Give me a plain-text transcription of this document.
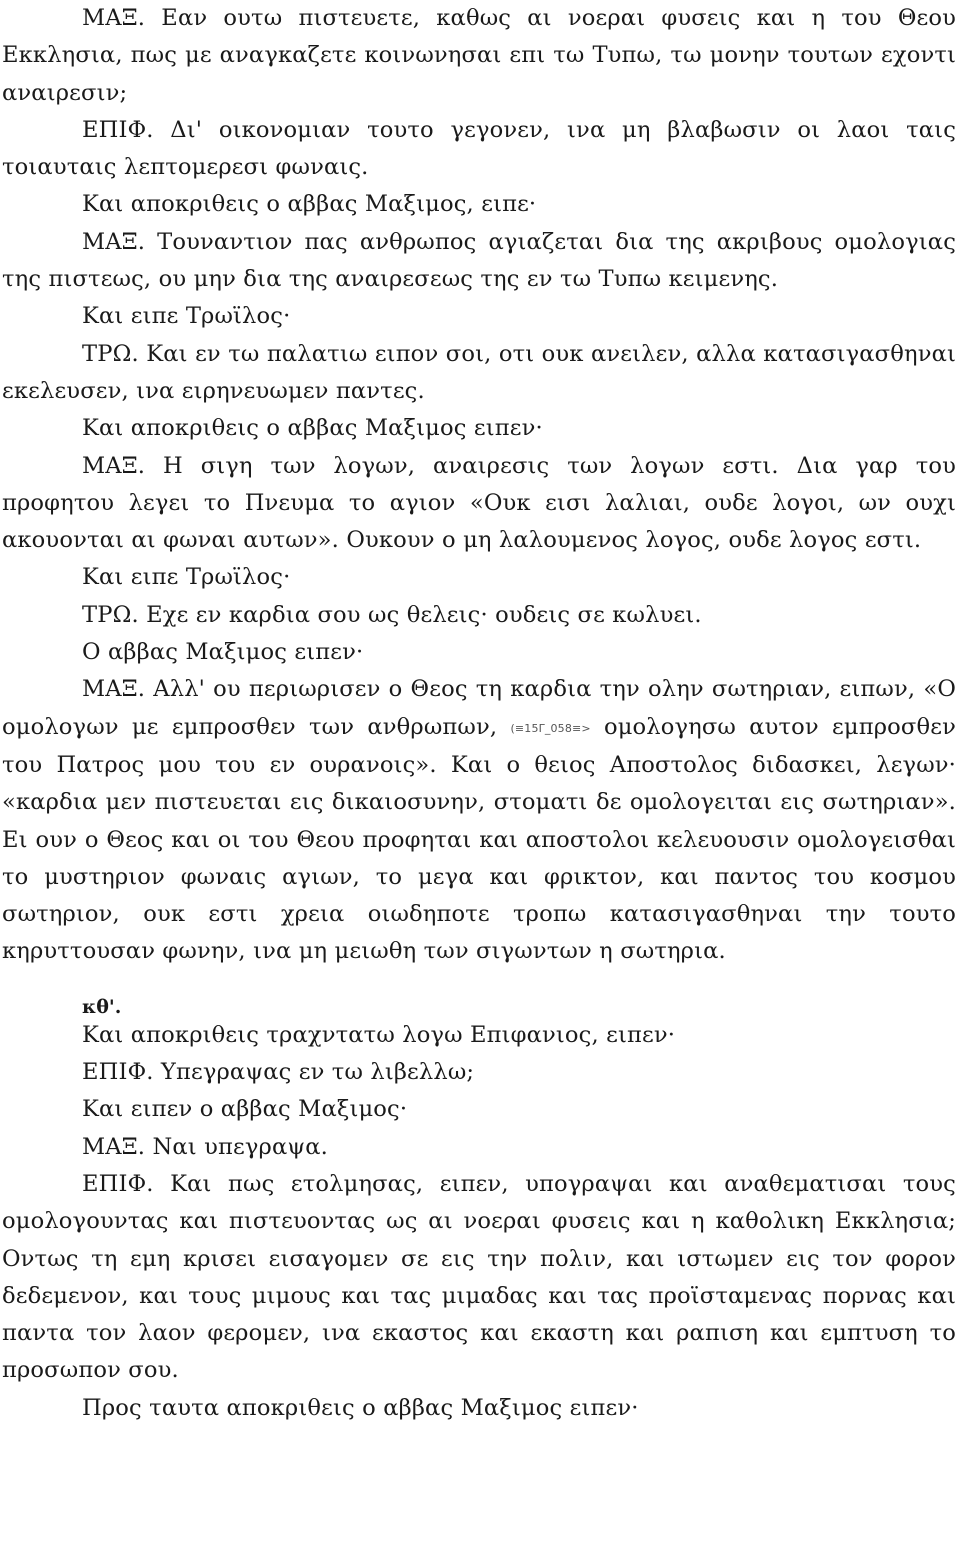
ΜΑΞ. Εαν ουτω πιστευετε, καθως αι νοεραι φυσεις και η του Θεου Εκκλησια, πως με αναγκαζετε κοινωνησαι επι τω Τυπω, τω μονην τουτων εχοντι αναιρεσιν;

ΕΠΙΦ. Δι' οικονομιαν τουτο γεγονεν, ινα μη βλαβωσιν οι λαοι ταις τοιαυταις λεπτομερεσι φωναις.

Και αποκριθεις ο αββας Μαξιμος, ειπε·

ΜΑΞ. Τουναντιον πας ανθρωπος αγιαζεται δια της ακριβους ομολογιας της πιστεως, ου μην δια της αναιρεσεως της εν τω Τυπω κειμενης.

Και ειπε Τρωϊλος·

ΤΡΩ. Και εν τω παλατιω ειπον σοι, οτι ουκ ανειλεν, αλλα κατασιγασθηναι εκελευσεν, ινα ειρηνευωμεν παντες.

Και αποκριθεις ο αββας Μαξιμος ειπεν·

ΜΑΞ. Η σιγη των λογων, αναιρεσις των λογων εστι. Δια γαρ του προφητου λεγει το Πνευμα το αγιον «Ουκ εισι λαλιαι, ουδε λογοι, ων ουχι ακουονται αι φωναι αυτων». Ουκουν ο μη λαλουμενος λογος, ουδε λογος εστι.

Και ειπε Τρωϊλος·

ΤΡΩ. Εχε εν καρδια σου ως θελεις· ουδεις σε κωλυει.

Ο αββας Μαξιμος ειπεν·

ΜΑΞ. Αλλ' ου περιωρισεν ο Θεος τη καρδια την ολην σωτηριαν, ειπων, «Ο ομολογων με εμπροσθεν των ανθρωπων, (≡15Γ_058≡> ομολογησω αυτον εμπροσθεν του Πατρος μου του εν ουρανοις». Και ο θειος Αποστολος διδασκει, λεγων· «καρδια μεν πιστευεται εις δικαιοσυνην, στοματι δε ομολογειται εις σωτηριαν». Ει ουν ο Θεος και οι του Θεου προφηται και αποστολοι κελευουσιν ομολογεισθαι το μυστηριον φωναις αγιων, το μεγα και φρικτον, και παντος του κοσμου σωτηριον, ουκ εστι χρεια οιωδηποτε τροπω κατασιγασθηναι την τουτο κηρυττουσαν φωνην, ινα μη μειωθη των σιγωντων η σωτηρια.

κθ'.

Και αποκριθεις τραχντατω λογω Επιφανιος, ειπεν·

ΕΠΙΦ. Υπεγραψας εν τω λιβελλω;

Και ειπεν ο αββας Μαξιμος·

ΜΑΞ. Ναι υπεγραψα.

ΕΠΙΦ. Και πως ετολμησας, ειπεν, υπογραψαι και αναθεματισαι τους ομολογουντας και πιστευοντας ως αι νοεραι φυσεις και η καθολικη Εκκλησια; Οντως τη εμη κρισει εισαγομεν σε εις την πολιν, και ιστωμεν εις τον φορον δεδεμενον, και τους μιμους και τας μιμαδας και τας προϊσταμενας πορνας και παντα τον λαον φερομεν, ινα εκαστος και εκαστη και ραπιση και εμπτυση το προσωπον σου.

Προς ταυτα αποκριθεις ο αββας Μαξιμος ειπεν·
